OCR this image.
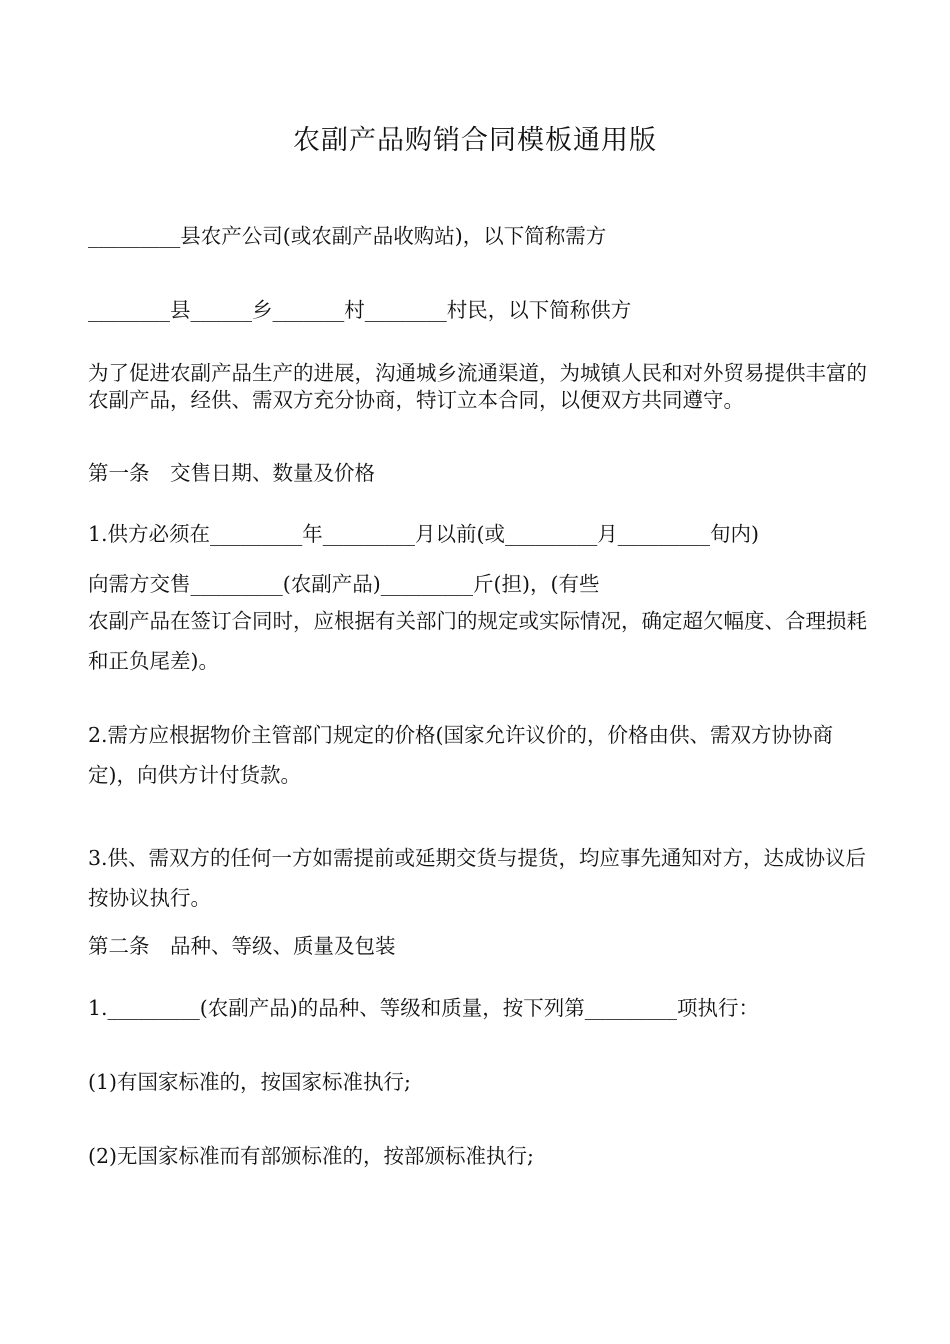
农副产品购销合同模板通用版
_________县农产公司(或农副产品收购站)，以下简称需方
________县______乡_______村________村民，以下简称供方
为了促进农副产品生产的进展，沟通城乡流通渠道，为城镇人民和对外贸易提供丰富的农副产品，经供、需双方充分协商，特订立本合同，以便双方共同遵守。
第一条　交售日期、数量及价格
1.供方必须在_________年_________月以前(或_________月_________旬内)
向需方交售_________(农副产品)_________斤(担)，(有些
农副产品在签订合同时，应根据有关部门的规定或实际情况，确定超欠幅度、合理损耗和正负尾差)。
2.需方应根据物价主管部门规定的价格(国家允许议价的，价格由供、需双方协协商定)，向供方计付货款。
3.供、需双方的任何一方如需提前或延期交货与提货，均应事先通知对方，达成协议后按协议执行。
第二条　品种、等级、质量及包装
1._________(农副产品)的品种、等级和质量，按下列第_________项执行：
(1)有国家标准的，按国家标准执行;
(2)无国家标准而有部颁标准的，按部颁标准执行;
